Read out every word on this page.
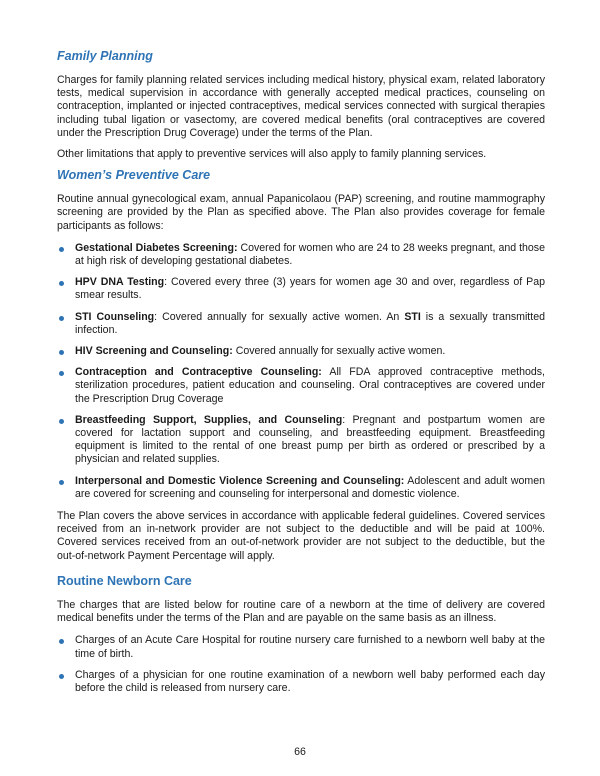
Family Planning

Charges for family planning related services including medical history, physical exam, related laboratory tests, medical supervision in accordance with generally accepted medical practices, counseling on contraception, implanted or injected contraceptives, medical services connected with surgical therapies including tubal ligation or vasectomy, are covered medical benefits (oral contraceptives are covered under the Prescription Drug Coverage) under the terms of the Plan.

Other limitations that apply to preventive services will also apply to family planning services.

Women’s Preventive Care

Routine annual gynecological exam, annual Papanicolaou (PAP) screening, and routine mammography screening are provided by the Plan as specified above. The Plan also provides coverage for female participants as follows:

Gestational Diabetes Screening: Covered for women who are 24 to 28 weeks pregnant, and those at high risk of developing gestational diabetes.
HPV DNA Testing: Covered every three (3) years for women age 30 and over, regardless of Pap smear results.
STI Counseling: Covered annually for sexually active women. An STI is a sexually transmitted infection.
HIV Screening and Counseling: Covered annually for sexually active women.
Contraception and Contraceptive Counseling: All FDA approved contraceptive methods, sterilization procedures, patient education and counseling. Oral contraceptives are covered under the Prescription Drug Coverage
Breastfeeding Support, Supplies, and Counseling: Pregnant and postpartum women are covered for lactation support and counseling, and breastfeeding equipment. Breastfeeding equipment is limited to the rental of one breast pump per birth as ordered or prescribed by a physician and related supplies.
Interpersonal and Domestic Violence Screening and Counseling: Adolescent and adult women are covered for screening and counseling for interpersonal and domestic violence.

The Plan covers the above services in accordance with applicable federal guidelines. Covered services received from an in-network provider are not subject to the deductible and will be paid at 100%. Covered services received from an out-of-network provider are not subject to the deductible, but the out-of-network Payment Percentage will apply.

Routine Newborn Care

The charges that are listed below for routine care of a newborn at the time of delivery are covered medical benefits under the terms of the Plan and are payable on the same basis as an illness.

Charges of an Acute Care Hospital for routine nursery care furnished to a newborn well baby at the time of birth.
Charges of a physician for one routine examination of a newborn well baby performed each day before the child is released from nursery care.
66
